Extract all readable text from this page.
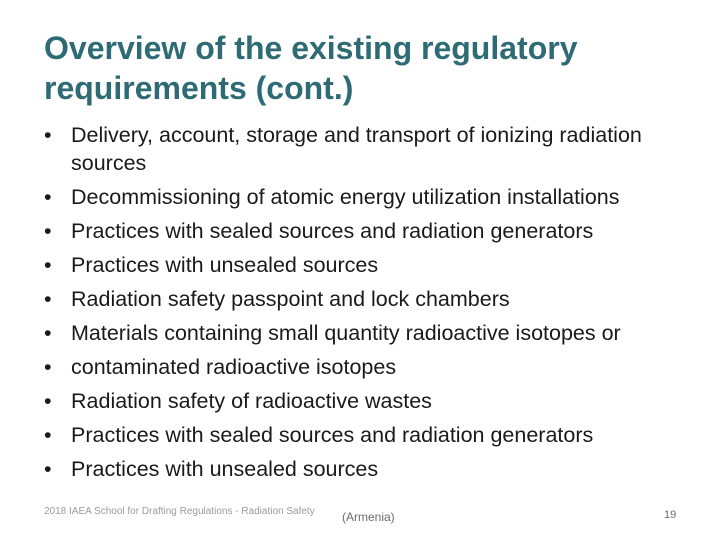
Overview of the existing regulatory requirements (cont.)
• Delivery, account, storage and transport of ionizing radiation sources
• Decommissioning of atomic energy utilization installations
• Practices with sealed sources and radiation generators
• Practices with unsealed sources
• Radiation safety passpoint and lock chambers
• Materials containing small quantity radioactive isotopes or
• contaminated radioactive isotopes
• Radiation safety of radioactive wastes
• Practices with sealed sources and radiation generators
• Practices with unsealed sources
2018 IAEA School for Drafting Regulations - Radiation Safety	(Armenia)	19
